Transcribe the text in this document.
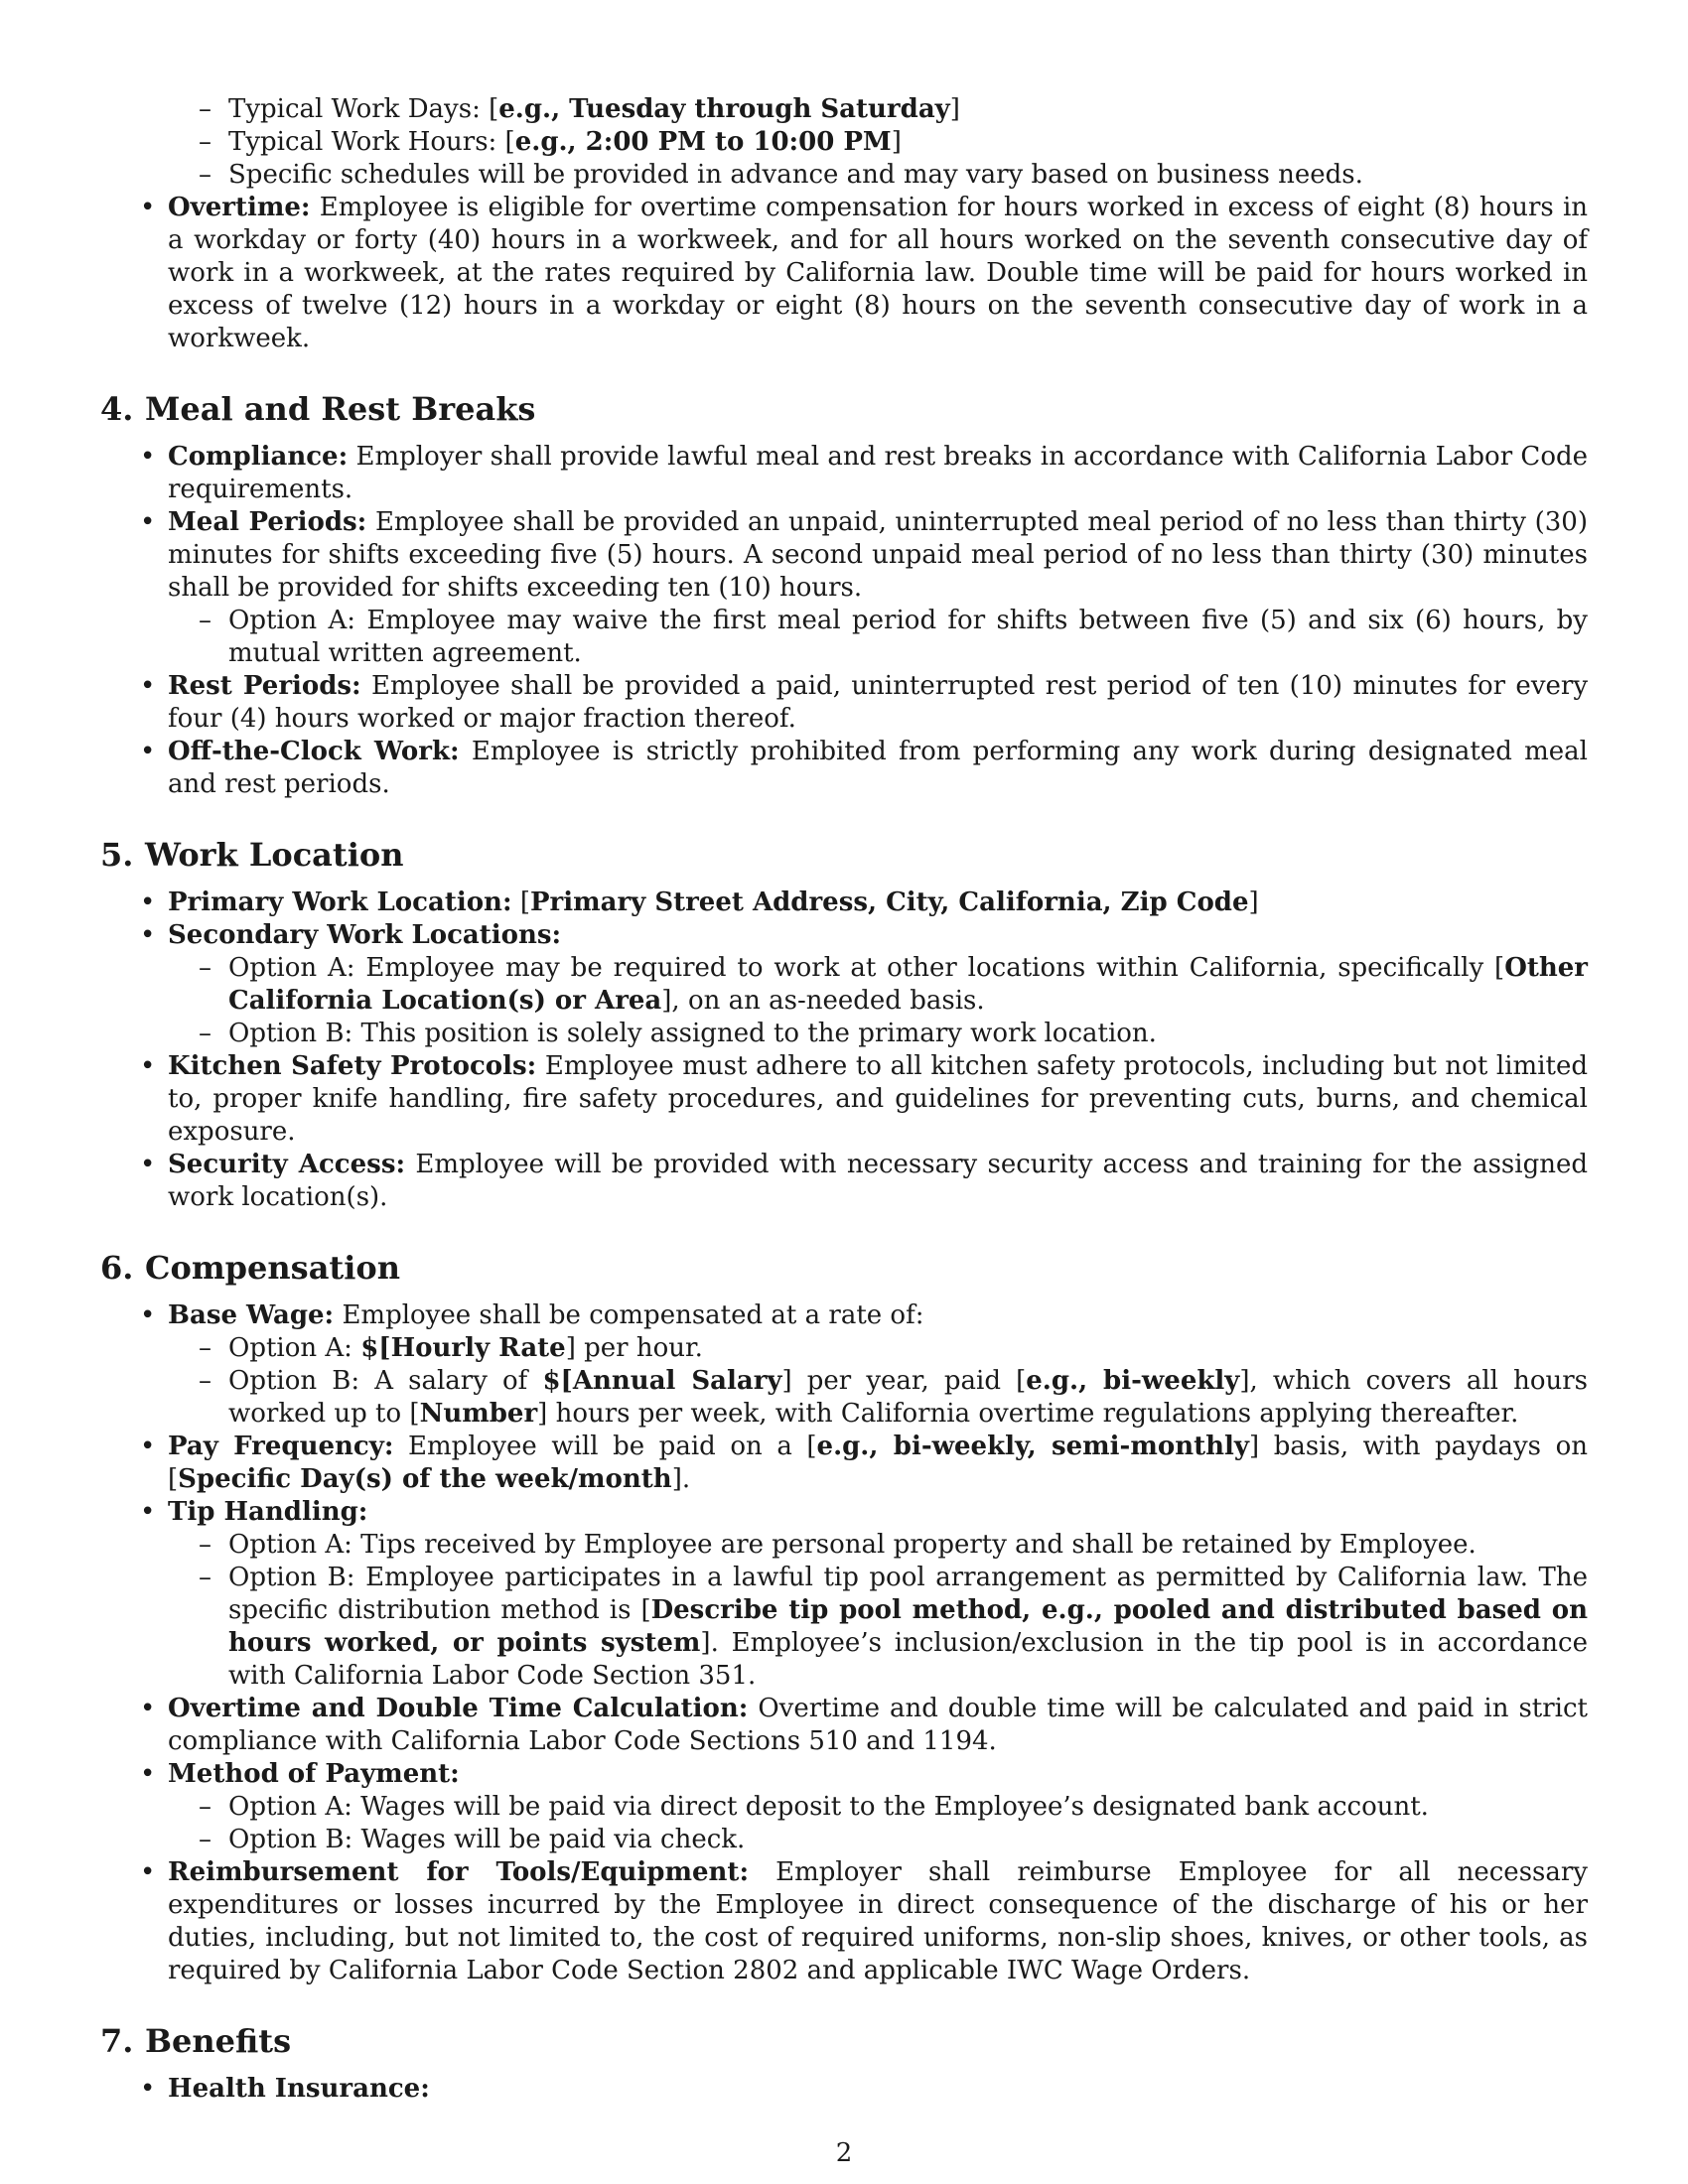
– Typical Work Days: [e.g., Tuesday through Saturday]
– Typical Work Hours: [e.g., 2:00 PM to 10:00 PM]
– Specific schedules will be provided in advance and may vary based on business needs.
• Overtime: Employee is eligible for overtime compensation for hours worked in excess of eight (8) hours in a workday or forty (40) hours in a workweek, and for all hours worked on the seventh consecutive day of work in a workweek, at the rates required by California law. Double time will be paid for hours worked in excess of twelve (12) hours in a workday or eight (8) hours on the seventh consecutive day of work in a workweek.
4. Meal and Rest Breaks
• Compliance: Employer shall provide lawful meal and rest breaks in accordance with California Labor Code requirements.
• Meal Periods: Employee shall be provided an unpaid, uninterrupted meal period of no less than thirty (30) minutes for shifts exceeding five (5) hours. A second unpaid meal period of no less than thirty (30) minutes shall be provided for shifts exceeding ten (10) hours.
– Option A: Employee may waive the first meal period for shifts between five (5) and six (6) hours, by mutual written agreement.
• Rest Periods: Employee shall be provided a paid, uninterrupted rest period of ten (10) minutes for every four (4) hours worked or major fraction thereof.
• Off-the-Clock Work: Employee is strictly prohibited from performing any work during designated meal and rest periods.
5. Work Location
• Primary Work Location: [Primary Street Address, City, California, Zip Code]
• Secondary Work Locations:
– Option A: Employee may be required to work at other locations within California, specifically [Other California Location(s) or Area], on an as-needed basis.
– Option B: This position is solely assigned to the primary work location.
• Kitchen Safety Protocols: Employee must adhere to all kitchen safety protocols, including but not limited to, proper knife handling, fire safety procedures, and guidelines for preventing cuts, burns, and chemical exposure.
• Security Access: Employee will be provided with necessary security access and training for the assigned work location(s).
6. Compensation
• Base Wage: Employee shall be compensated at a rate of:
– Option A: $[Hourly Rate] per hour.
– Option B: A salary of $[Annual Salary] per year, paid [e.g., bi-weekly], which covers all hours worked up to [Number] hours per week, with California overtime regulations applying thereafter.
• Pay Frequency: Employee will be paid on a [e.g., bi-weekly, semi-monthly] basis, with paydays on [Specific Day(s) of the week/month].
• Tip Handling:
– Option A: Tips received by Employee are personal property and shall be retained by Employee.
– Option B: Employee participates in a lawful tip pool arrangement as permitted by California law. The specific distribution method is [Describe tip pool method, e.g., pooled and distributed based on hours worked, or points system]. Employee’s inclusion/exclusion in the tip pool is in accordance with California Labor Code Section 351.
• Overtime and Double Time Calculation: Overtime and double time will be calculated and paid in strict compliance with California Labor Code Sections 510 and 1194.
• Method of Payment:
– Option A: Wages will be paid via direct deposit to the Employee’s designated bank account.
– Option B: Wages will be paid via check.
• Reimbursement for Tools/Equipment: Employer shall reimburse Employee for all necessary expenditures or losses incurred by the Employee in direct consequence of the discharge of his or her duties, including, but not limited to, the cost of required uniforms, non-slip shoes, knives, or other tools, as required by California Labor Code Section 2802 and applicable IWC Wage Orders.
7. Benefits
• Health Insurance:
2
